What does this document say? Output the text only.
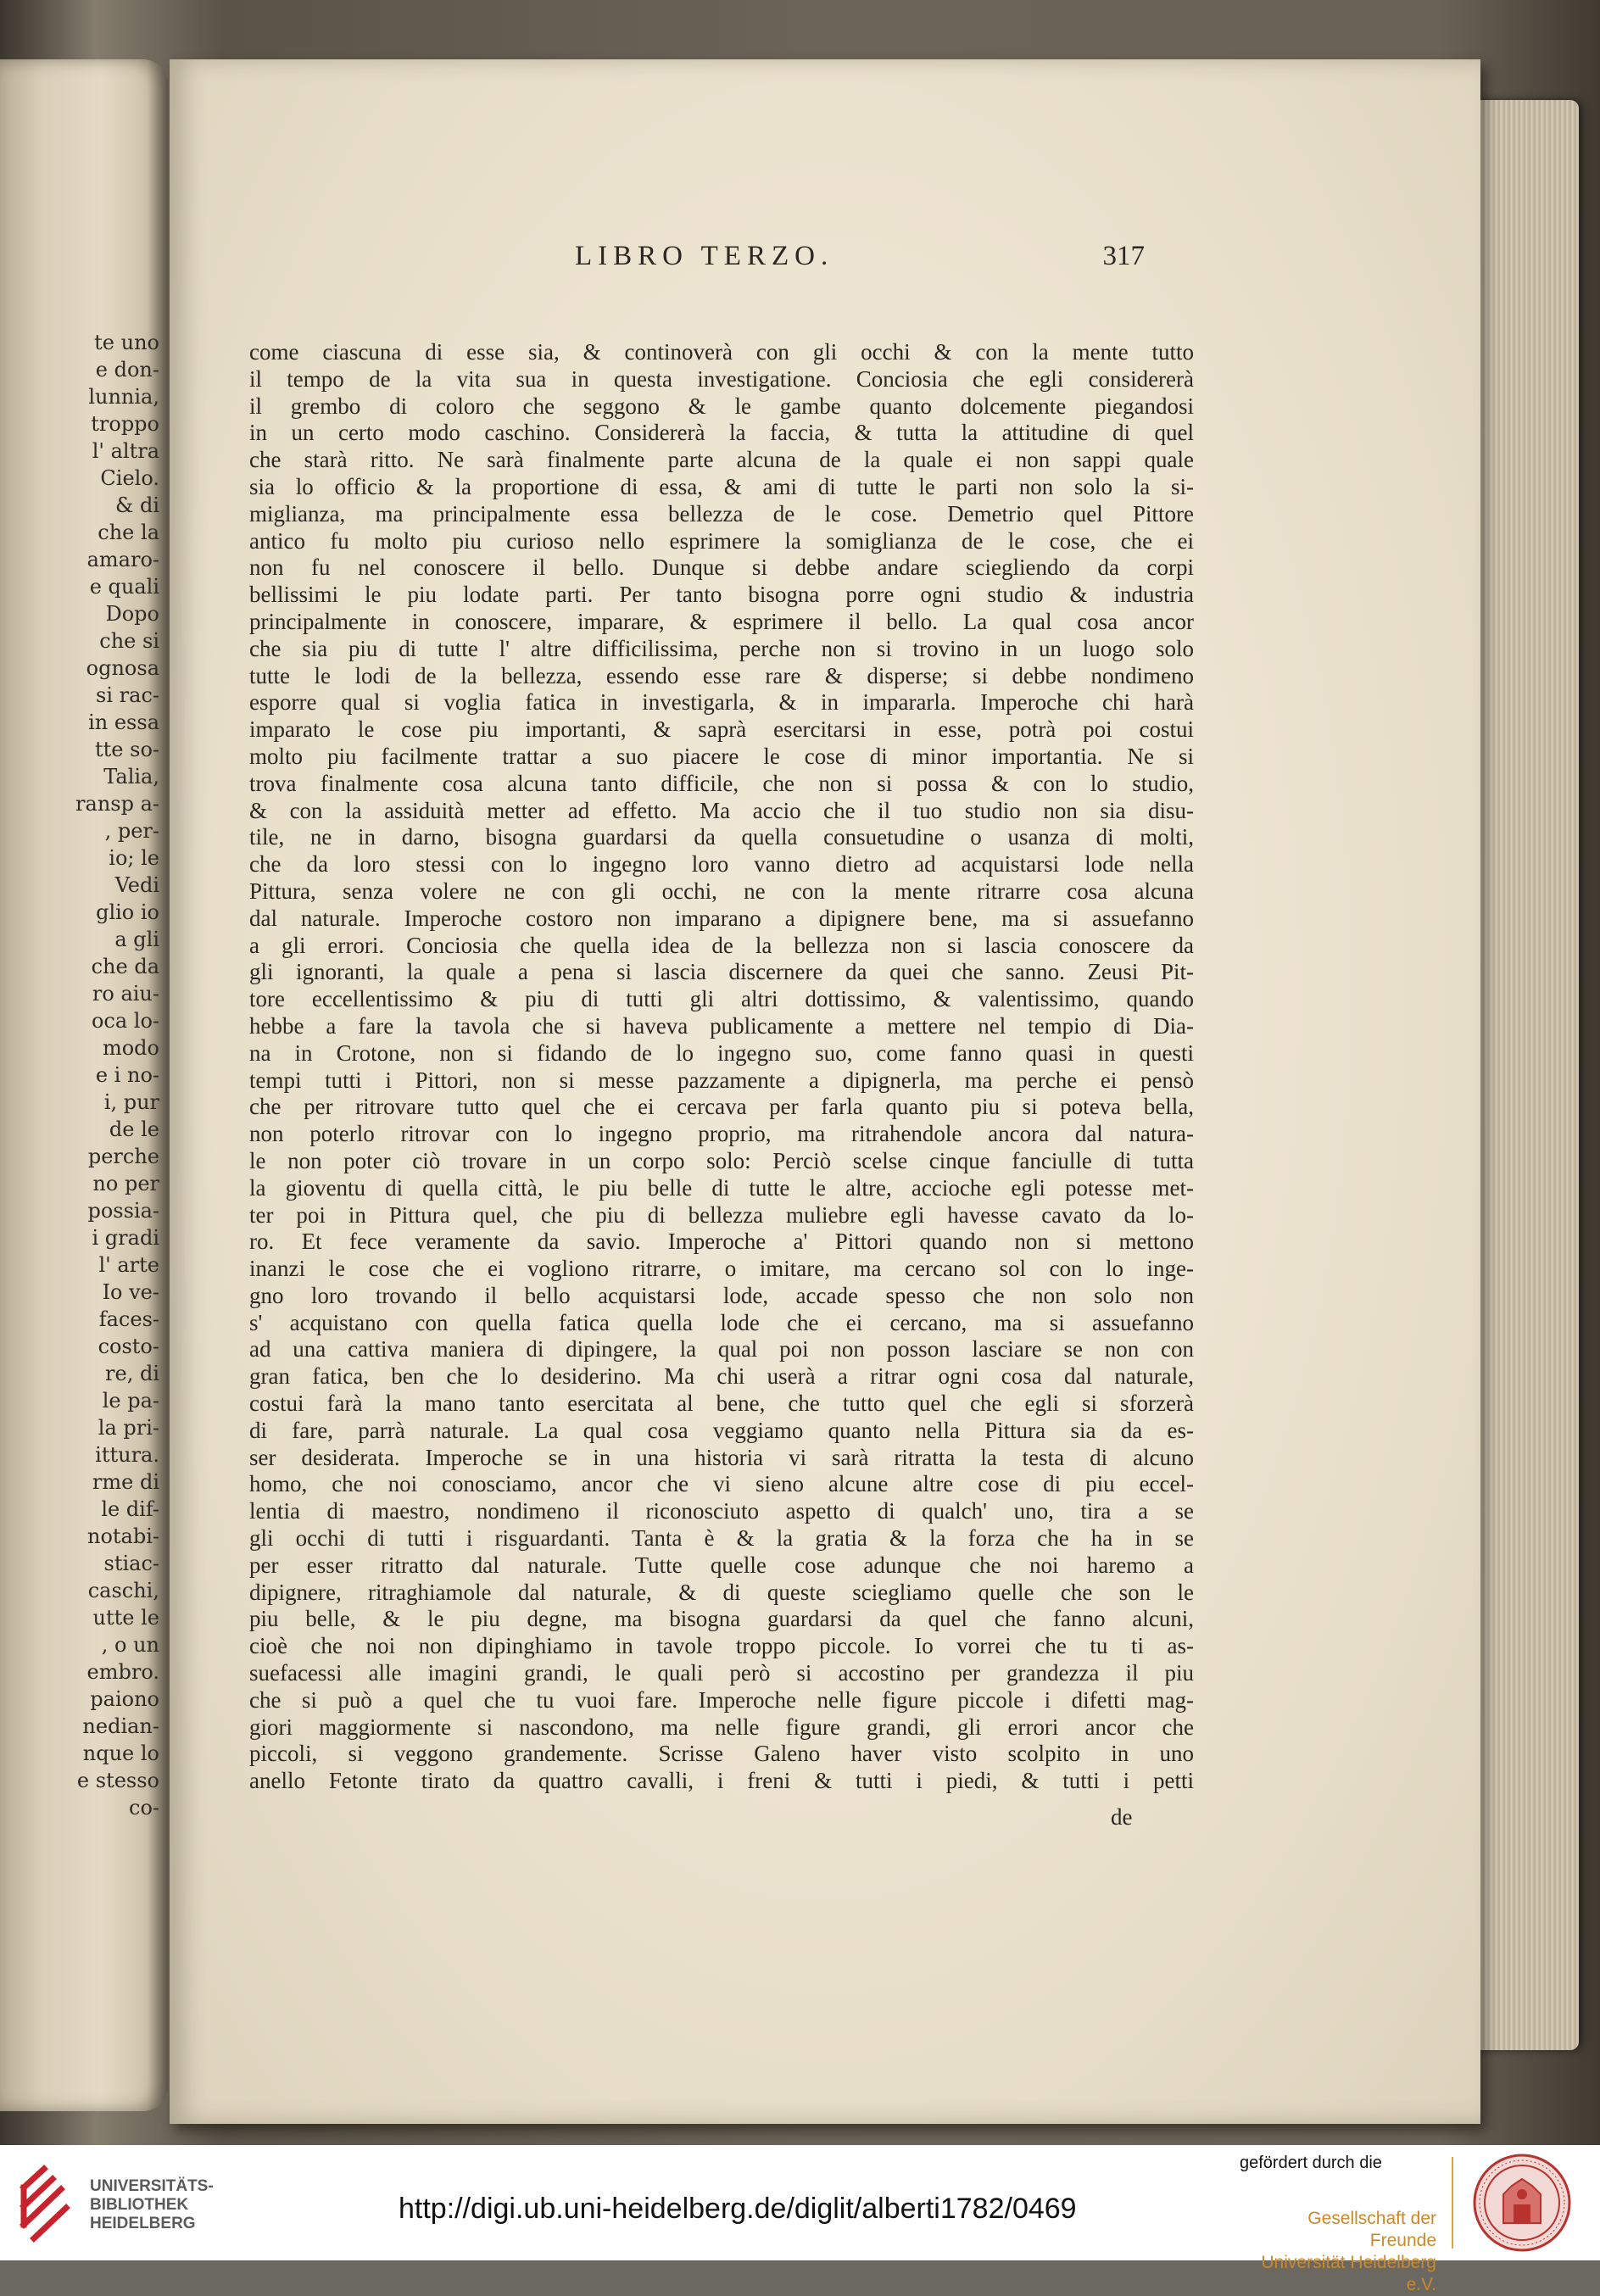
te uno
e don-
lunnia,
troppo
l' altra
Cielo.
& di
che la
amaro-
e quali
Dopo
che si
ognosa
si rac-
in essa
tte so-
Talia,
ransp a-
, per-
io; le
Vedi
glio io
a gli
che da
ro aiu-
oca lo-
modo
e i no-
i, pur
de le
perche
no per
possia-
i gradi
l' arte
Io ve-
faces-
costo-
re, di
le pa-
la pri-
ittura.
rme di
le dif-
notabi-
stiac-
caschi,
utte le
, o un
embro.
paiono
nedian-
nque lo
e stesso
co-
LIBRO TERZO.	317
come ciascuna di esse sia, & continoverà con gli occhi & con la mente tutto
il tempo de la vita sua in questa investigatione. Conciosia che egli considererà
il grembo di coloro che seggono & le gambe quanto dolcemente piegandosi
in un certo modo caschino. Considererà la faccia, & tutta la attitudine di quel
che starà ritto. Ne sarà finalmente parte alcuna de la quale ei non sappi quale
sia lo officio & la proportione di essa, & ami di tutte le parti non solo la si-
miglianza, ma principalmente essa bellezza de le cose. Demetrio quel Pittore
antico fu molto piu curioso nello esprimere la somiglianza de le cose, che ei
non fu nel conoscere il bello. Dunque si debbe andare sciegliendo da corpi
bellissimi le piu lodate parti. Per tanto bisogna porre ogni studio & industria
principalmente in conoscere, imparare, & esprimere il bello. La qual cosa ancor
che sia piu di tutte l' altre difficilissima, perche non si trovino in un luogo solo
tutte le lodi de la bellezza, essendo esse rare & disperse; si debbe nondimeno
esporre qual si voglia fatica in investigarla, & in impararla. Imperoche chi harà
imparato le cose piu importanti, & saprà esercitarsi in esse, potrà poi costui
molto piu facilmente trattar a suo piacere le cose di minor importantia. Ne si
trova finalmente cosa alcuna tanto difficile, che non si possa & con lo studio,
& con la assiduità metter ad effetto. Ma accio che il tuo studio non sia disu-
tile, ne in darno, bisogna guardarsi da quella consuetudine o usanza di molti,
che da loro stessi con lo ingegno loro vanno dietro ad acquistarsi lode nella
Pittura, senza volere ne con gli occhi, ne con la mente ritrarre cosa alcuna
dal naturale. Imperoche costoro non imparano a dipignere bene, ma si assuefanno
a gli errori. Conciosia che quella idea de la bellezza non si lascia conoscere da
gli ignoranti, la quale a pena si lascia discernere da quei che sanno. Zeusi Pit-
tore eccellentissimo & piu di tutti gli altri dottissimo, & valentissimo, quando
hebbe a fare la tavola che si haveva publicamente a mettere nel tempio di Dia-
na in Crotone, non si fidando de lo ingegno suo, come fanno quasi in questi
tempi tutti i Pittori, non si messe pazzamente a dipignerla, ma perche ei pensò
che per ritrovare tutto quel che ei cercava per farla quanto piu si poteva bella,
non poterlo ritrovar con lo ingegno proprio, ma ritrahendole ancora dal natura-
le non poter ciò trovare in un corpo solo: Perciò scelse cinque fanciulle di tutta
la gioventu di quella città, le piu belle di tutte le altre, accioche egli potesse met-
ter poi in Pittura quel, che piu di bellezza muliebre egli havesse cavato da lo-
ro. Et fece veramente da savio. Imperoche a' Pittori quando non si mettono
inanzi le cose che ei vogliono ritrarre, o imitare, ma cercano sol con lo inge-
gno loro trovando il bello acquistarsi lode, accade spesso che non solo non
s' acquistano con quella fatica quella lode che ei cercano, ma si assuefanno
ad una cattiva maniera di dipingere, la qual poi non posson lasciare se non con
gran fatica, ben che lo desiderino. Ma chi userà a ritrar ogni cosa dal naturale,
costui farà la mano tanto esercitata al bene, che tutto quel che egli si sforzerà
di fare, parrà naturale. La qual cosa veggiamo quanto nella Pittura sia da es-
ser desiderata. Imperoche se in una historia vi sarà ritratta la testa di alcuno
homo, che noi conosciamo, ancor che vi sieno alcune altre cose di piu eccel-
lentia di maestro, nondimeno il riconosciuto aspetto di qualch' uno, tira a se
gli occhi di tutti i risguardanti. Tanta è & la gratia & la forza che ha in se
per esser ritratto dal naturale. Tutte quelle cose adunque che noi haremo a
dipignere, ritraghiamole dal naturale, & di queste sciegliamo quelle che son le
piu belle, & le piu degne, ma bisogna guardarsi da quel che fanno alcuni,
cioè che noi non dipinghiamo in tavole troppo piccole. Io vorrei che tu ti as-
suefacessi alle imagini grandi, le quali però si accostino per grandezza il piu
che si può a quel che tu vuoi fare. Imperoche nelle figure piccole i difetti mag-
giori maggiormente si nascondono, ma nelle figure grandi, gli errori ancor che
piccoli, si veggono grandemente. Scrisse Galeno haver visto scolpito in uno
anello Fetonte tirato da quattro cavalli, i freni & tutti i piedi, & tutti i petti
de
UNIVERSITÄTS-
BIBLIOTHEK
HEIDELBERG	http://digi.ub.uni-heidelberg.de/diglit/alberti1782/0469
gefördert durch die
Gesellschaft der Freunde
Universität Heidelberg e.V.
